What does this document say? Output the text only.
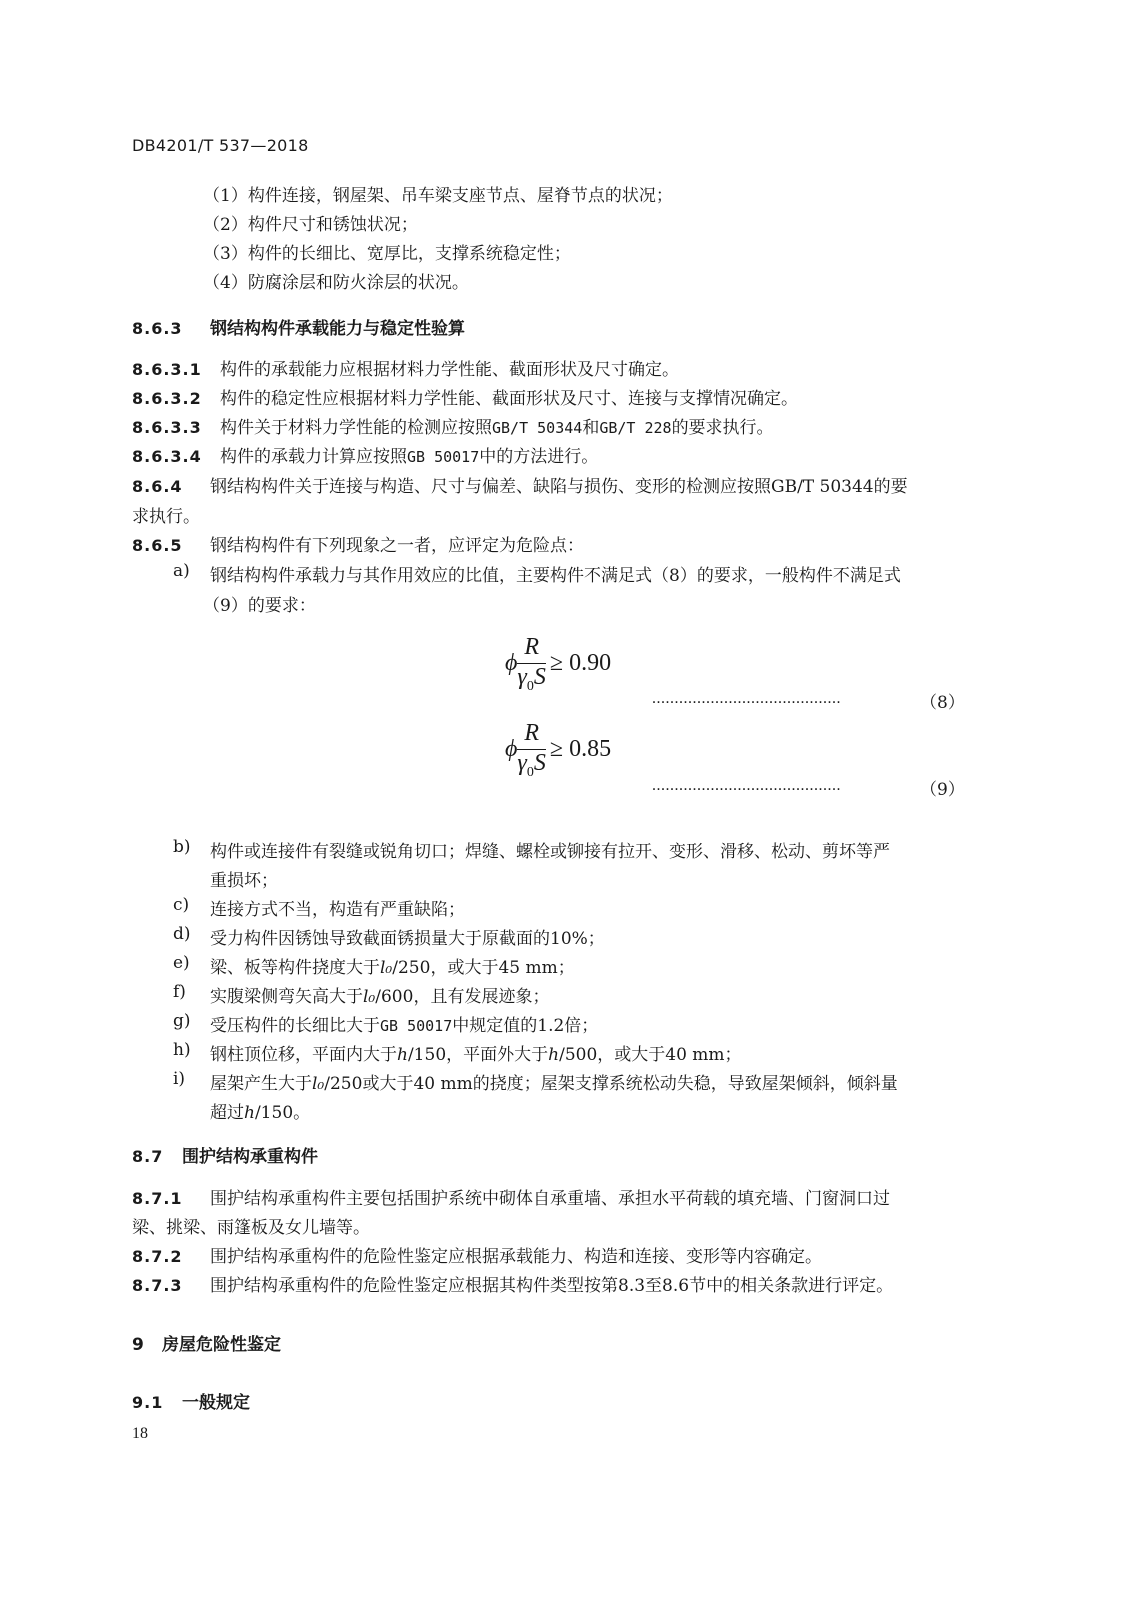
DB4201/T 537—2018
（1）构件连接，钢屋架、吊车梁支座节点、屋脊节点的状况；
（2）构件尺寸和锈蚀状况；
（3）构件的长细比、宽厚比，支撑系统稳定性；
（4）防腐涂层和防火涂层的状况。
8.6.3 钢结构构件承载能力与稳定性验算
8.6.3.1 构件的承载能力应根据材料力学性能、截面形状及尺寸确定。
8.6.3.2 构件的稳定性应根据材料力学性能、截面形状及尺寸、连接与支撑情况确定。
8.6.3.3 构件关于材料力学性能的检测应按照GB/T 50344和GB/T 228的要求执行。
8.6.3.4 构件的承载力计算应按照GB 50017中的方法进行。
8.6.4 钢结构构件关于连接与构造、尺寸与偏差、缺陷与损伤、变形的检测应按照GB/T 50344的要
求执行。
8.6.5 钢结构构件有下列现象之一者，应评定为危险点：
a) 钢结构构件承载力与其作用效应的比值，主要构件不满足式（8）的要求，一般构件不满足式
（9）的要求：
ϕ $\frac{R}{\gamma_0S} \ge 0.90$
..........................................	（8）
ϕ $\frac{R}{\gamma_0S} \ge 0.85$
..........................................	（9）
b) 构件或连接件有裂缝或锐角切口；焊缝、螺栓或铆接有拉开、变形、滑移、松动、剪坏等严
重损坏；
c) 连接方式不当，构造有严重缺陷；
d) 受力构件因锈蚀导致截面锈损量大于原截面的10%；
e) 梁、板等构件挠度大于l₀/250，或大于45 mm；
f) 实腹梁侧弯矢高大于l₀/600，且有发展迹象；
g) 受压构件的长细比大于GB 50017中规定值的1.2倍；
h) 钢柱顶位移，平面内大于h/150，平面外大于h/500，或大于40 mm；
i) 屋架产生大于l₀/250或大于40 mm的挠度；屋架支撑系统松动失稳，导致屋架倾斜，倾斜量
超过h/150。
8.7 围护结构承重构件
8.7.1 围护结构承重构件主要包括围护系统中砌体自承重墙、承担水平荷载的填充墙、门窗洞口过
梁、挑梁、雨篷板及女儿墙等。
8.7.2 围护结构承重构件的危险性鉴定应根据承载能力、构造和连接、变形等内容确定。
8.7.3 围护结构承重构件的危险性鉴定应根据其构件类型按第8.3至8.6节中的相关条款进行评定。
9 房屋危险性鉴定
9.1 一般规定
18
